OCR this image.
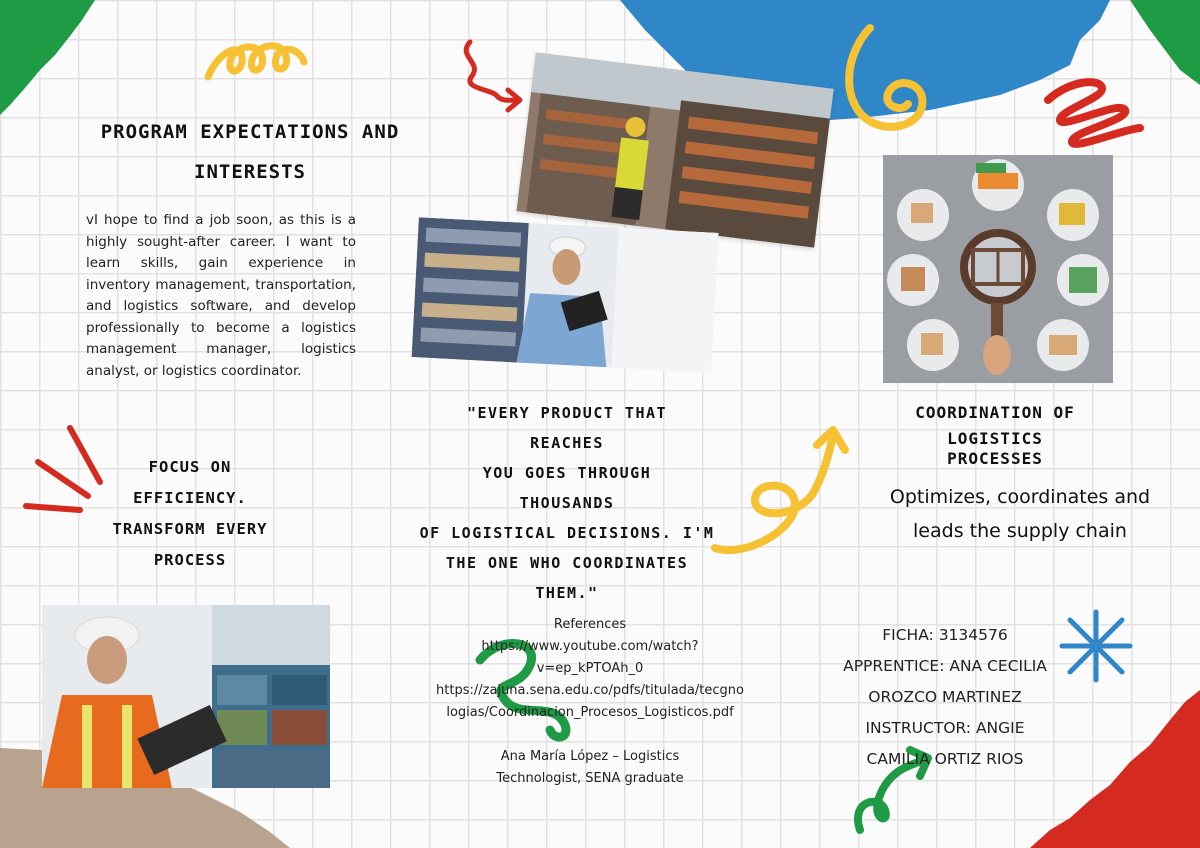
PROGRAM EXPECTATIONS AND
INTERESTS
vI hope to find a job soon, as this is a highly sought-after career. I want to learn skills, gain experience in inventory management, transportation, and logistics software, and develop professionally to become a logistics management manager, logistics analyst, or logistics coordinator.
FOCUS ON
EFFICIENCY.
TRANSFORM EVERY
PROCESS
"EVERY PRODUCT THAT
REACHES
YOU GOES THROUGH
THOUSANDS
OF LOGISTICAL DECISIONS. I'M
THE ONE WHO COORDINATES
THEM."
References
https://www.youtube.com/watch?
v=ep_kPTOAh_0
https://zajuna.sena.edu.co/pdfs/titulada/tecgno
logias/Coordinacion_Procesos_Logisticos.pdf
Ana María López – Logistics
Technologist, SENA graduate
COORDINATION OF
LOGISTICS
PROCESSES
Optimizes, coordinates and
leads the supply chain
FICHA: 3134576
APPRENTICE: ANA CECILIA
OROZCO MARTINEZ
INSTRUCTOR: ANGIE
CAMILIA ORTIZ RIOS
